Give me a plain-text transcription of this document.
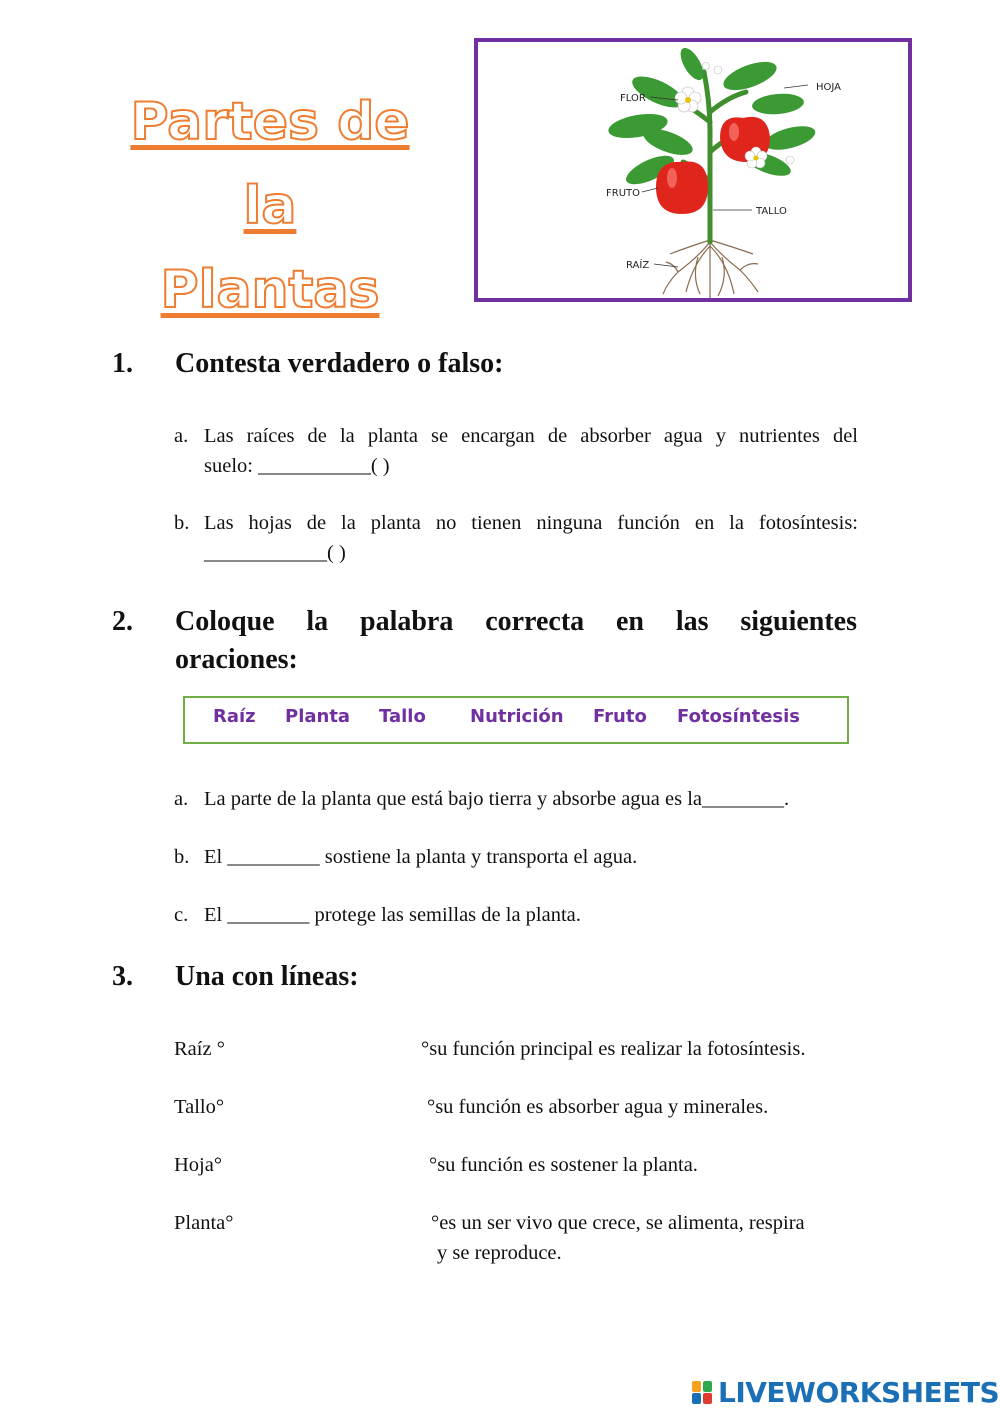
Partes de la
Plantas
FLOR
HOJA
FRUTO
TALLO
RAÍZ
1. Contesta verdadero o falso:
a. Las raíces de la planta se encargan de absorber agua y nutrientes del
suelo: ___________( )
b. Las hojas de la planta no tienen ninguna función en la fotosíntesis:
____________( )
2. Coloque la palabra correcta en las siguientes
oraciones:
Raíz Planta Tallo Nutrición Fruto Fotosíntesis
a. La parte de la planta que está bajo tierra y absorbe agua es la________.
b. El _________ sostiene la planta y transporta el agua.
c. El ________ protege las semillas de la planta.
3. Una con líneas:
Raíz °
Tallo°
Hoja°
Planta°
°su función principal es realizar la fotosíntesis.
°su función es absorber agua y minerales.
°su función es sostener la planta.
°es un ser vivo que crece, se alimenta, respira
y se reproduce.
LIVEWORKSHEETS
